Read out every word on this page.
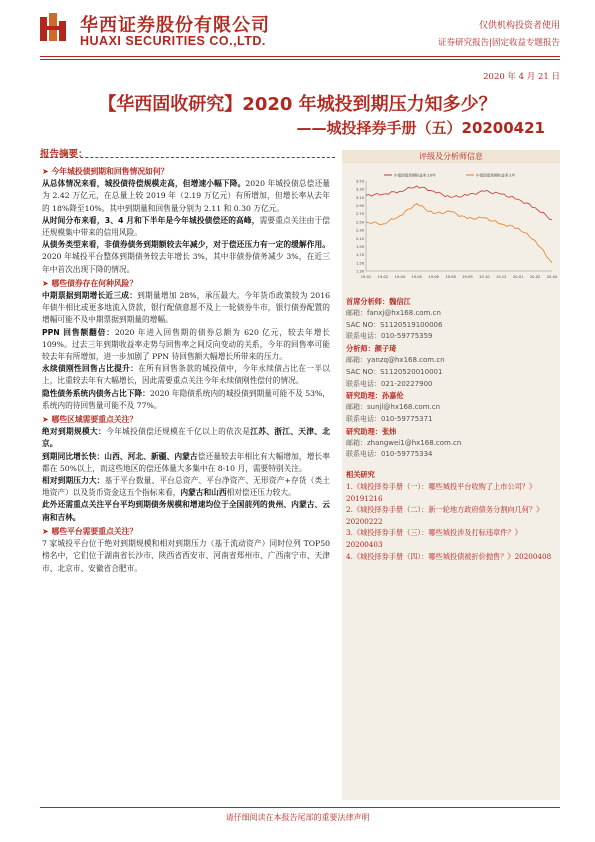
华西证券股份有限公司
HUAXI SECURITIES CO.,LTD.
仅供机构投资者使用
证券研究报告|固定收益专题报告
2020 年 4 月 21 日
【华西固收研究】2020 年城投到期压力知多少？
——城投择券手册（五）20200421
报告摘要：

➤ 今年城投债到期和回售情况如何？

从总体情况来看，城投债待偿规模走高，但增速小幅下降。2020 年城投债总偿还量为 2.42 万亿元，在总量上较 2019 年（2.19 万亿元）有所增加，但增长率从去年的 18%降至10%。其中到期量和回售量分别为 2.11 和 0.30 万亿元。

从时间分布来看，3、4 月和下半年是今年城投债偿还的高峰，需要重点关注由于偿还规模集中带来的信用风险。

从债务类型来看，非债券债务到期额较去年减少，对于偿还压力有一定的缓解作用。2020 年城投平台整体到期债务较去年增长 3%，其中非债券债务减少 3%，在近三年中首次出现下降的情况。

➤ 哪些债券存在何种风险？

中期票据到期增长近三成：到期量增加 28%，承压最大。今年货币政策较为 2016 年债牛相比或更多地流入贷款，银行配债意愿不及上一轮债券牛市，银行债券配置的增幅可能不及中期票据到期量的增幅。

PPN 回售额翻倍：2020 年进入回售期的债券总额为 620 亿元，较去年增长 109%。过去三年到期收益率走势与回售率之间反向变动的关系，今年的回售率可能较去年有所增加，进一步加剧了 PPN 待回售额大幅增长所带来的压力。

永续债刚性回售占比提升：在所有回售条款的城投债中，今年永续债占比在一半以上，比重较去年有大幅增长，因此需要重点关注今年永续债刚性偿付的情况。

隐性债务系统内债务占比下降：2020 年隐债系统内的城投债到期量可能不及 53%，系统内的待回售量可能不及 77%。

➤ 哪些区域需要重点关注？

绝对到期规模大：今年城投债偿还规模在千亿以上的依次是江苏、浙江、天津、北京。

到期同比增长快：山西、河北、新疆、内蒙古偿还量较去年相比有大幅增加，增长率都在 50%以上，而这些地区的偿还体量大多集中在 8-10 月，需要特别关注。

相对到期压力大：基于平台数量、平台总资产、平台净资产、无形资产+存货（类土地资产）以及货币资金这五个指标来看，内蒙古和山西相对偿还压力较大。

此外还需重点关注平台平均到期债务规模和增速均位于全国前列的贵州、内蒙古、云南和吉林。

➤ 哪些平台需要重点关注？

7 家城投平台位于绝对到期规模和相对到期压力（基于流动资产）同时位列 TOP50 榜名中，它们位于湖南省长沙市、陕西省西安市、河南省郑州市、广西南宁市、天津市、北京市、安徽省合肥市。

评级及分析师信息
3.50
3.30
3.10
2.90
2.70
2.50
2.30
2.10
1.90
1.70
1.50
1.30
19-01 19-02 19-04 19-05 19-06 19-08 19-09 19-10 19-12 20-01 20-02 20-04
中债国债到期收益率:10年	中债国债到期收益率:1年
首席分析师：魏信江
邮箱：fanxj@hx168.com.cn
SAC NO：S1120519100006
联系电话：010-59775359
分析师：颜子琦
邮箱：yanzq@hx168.com.cn
SAC NO：S1120520010001
联系电话：021-20227900
研究助理：孙嘉伦
邮箱：sunjl@hx168.com.cn
联系电话：010-59775371
研究助理：张炜
邮箱：zhangwei1@hx168.com.cn
联系电话：010-59775334
相关研究
1.《城投择券手册（一）：哪些城投平台收购了上市公司？》20191216
2.《城投择券手册（二）：新一轮地方政府债务分割向几何？》20200222
3.《城投择券手册（三）：哪些城投涉及打标违章件？》20200403
4.《城投择券手册（四）：哪些城投债被折价抛售？》20200408
请仔细阅读在本报告尾部的重要法律声明
